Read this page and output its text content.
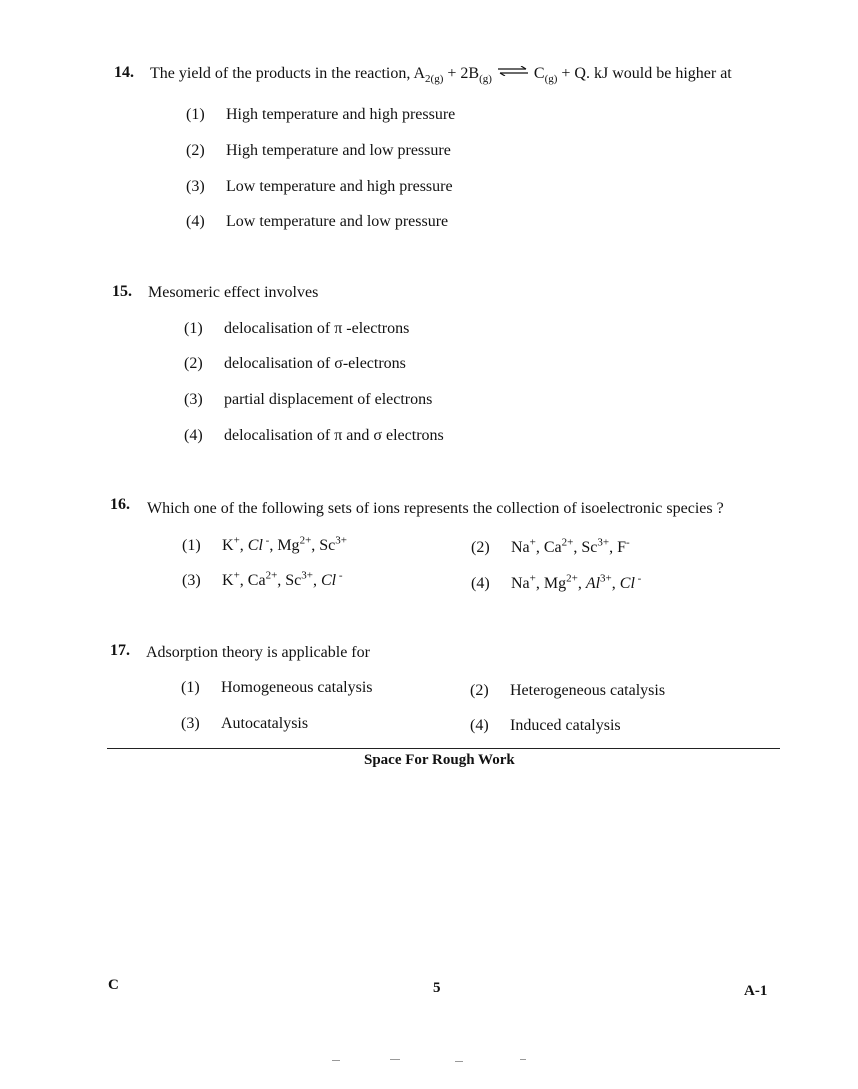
14. The yield of the products in the reaction, $A_{2(g)} + 2B_{(g)}$ ⇌ $C_{(g)} + Q$. kJ would be higher at
(1) High temperature and high pressure
(2) High temperature and low pressure
(3) Low temperature and high pressure
(4) Low temperature and low pressure
15. Mesomeric effect involves
(1) delocalisation of π -electrons
(2) delocalisation of σ-electrons
(3) partial displacement of electrons
(4) delocalisation of π and σ electrons
16. Which one of the following sets of ions represents the collection of isoelectronic species ?
(1) K+, Cl -, $Mg^{2+}$, $Sc^{3+}$	(2) Na+, $Ca^{2+}$, $Sc^{3+}$, F-
(3) K+, $Ca^{2+}$, $Sc^{3+}$, Cl -	(4) Na+, $Mg^{2+}$, $Al^{3+}$, Cl -
17. Adsorption theory is applicable for
(1) Homogeneous catalysis	(2) Heterogeneous catalysis
(3) Autocatalysis	(4) Induced catalysis
Space For Rough Work
C	5	A-1
